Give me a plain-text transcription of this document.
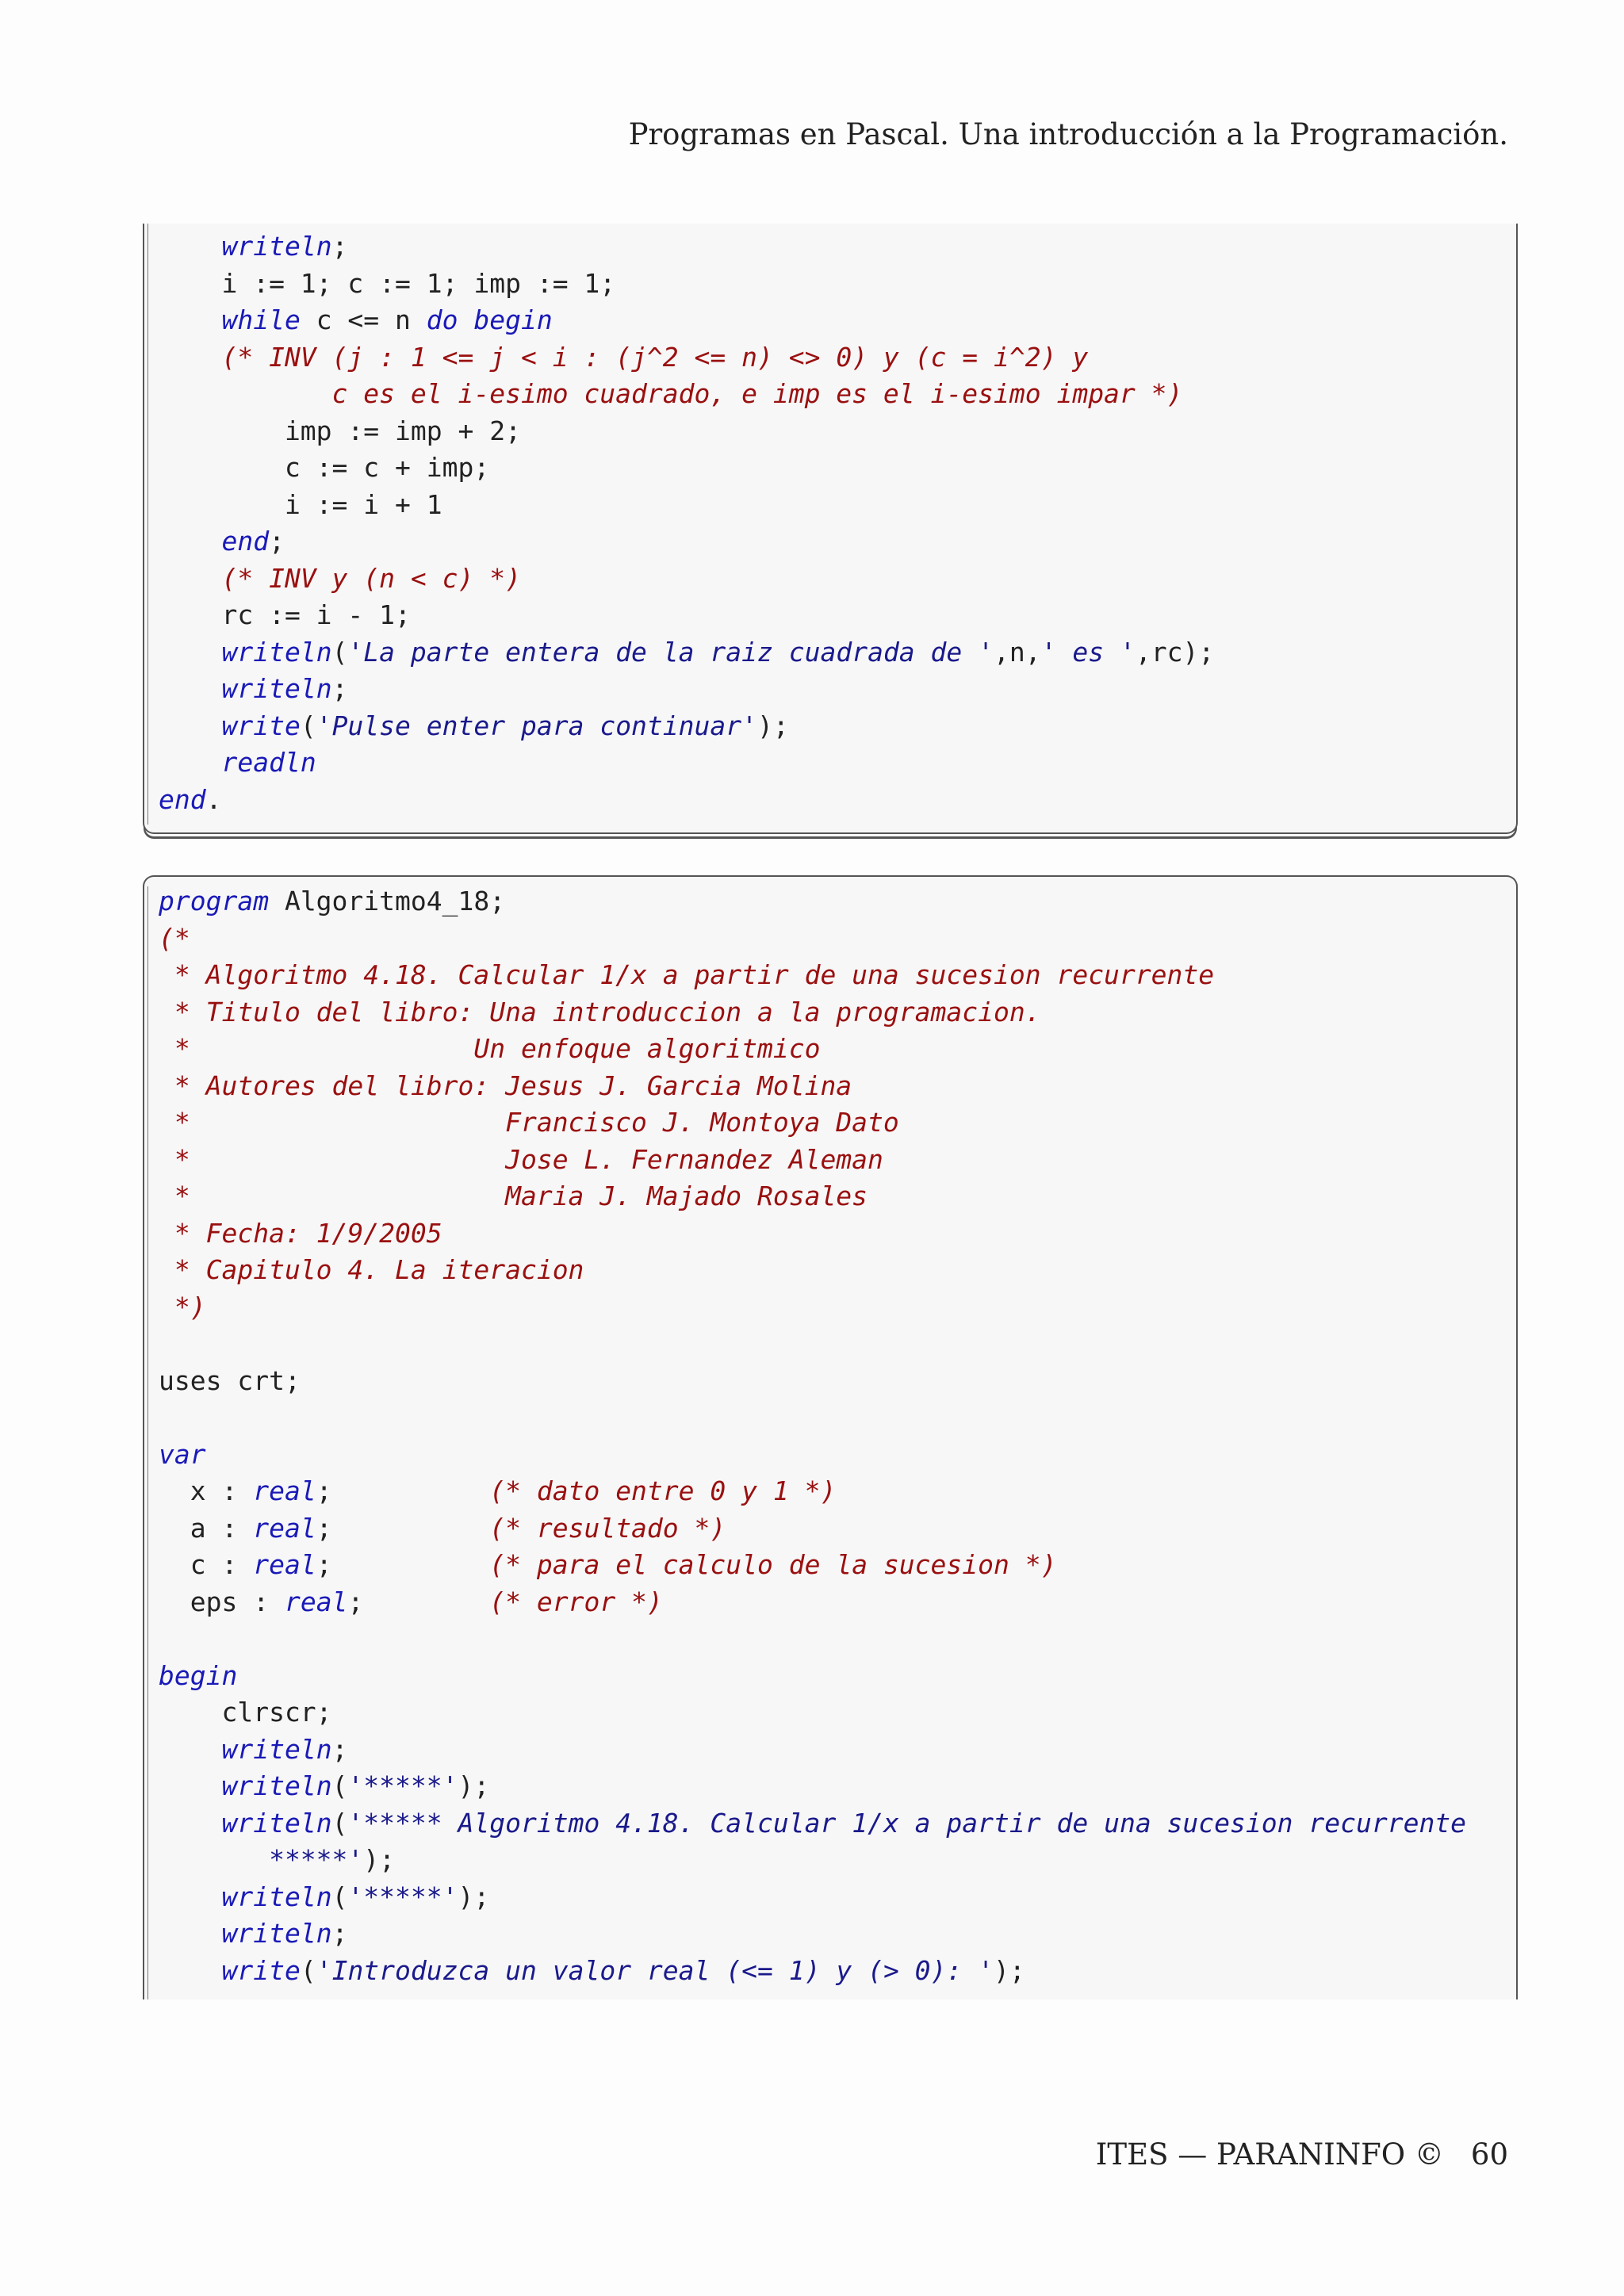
Programas en Pascal. Una introducción a la Programación.
writeln;
i := 1; c := 1; imp := 1;
while c <= n do begin
(* INV (j : 1 <= j < i : (j^2 <= n) <> 0) y (c = i^2) y
c es el i-esimo cuadrado, e imp es el i-esimo impar *)
imp := imp + 2;
c := c + imp;
i := i + 1
end;
(* INV y (n < c) *)
rc := i - 1;
writeln('La parte entera de la raiz cuadrada de ',n,' es ',rc);
writeln;
write('Pulse enter para continuar');
readln
end.
program Algoritmo4_18;
(*
* Algoritmo 4.18. Calcular 1/x a partir de una sucesion recurrente
* Titulo del libro: Una introduccion a la programacion.
*                  Un enfoque algoritmico
* Autores del libro: Jesus J. Garcia Molina
*                    Francisco J. Montoya Dato
*                    Jose L. Fernandez Aleman
*                    Maria J. Majado Rosales
* Fecha: 1/9/2005
* Capitulo 4. La iteracion
*)
uses crt;
var
x : real;          (* dato entre 0 y 1 *)
a : real;          (* resultado *)
c : real;          (* para el calculo de la sucesion *)
eps : real;        (* error *)
begin
clrscr;
writeln;
writeln('*****');
writeln('***** Algoritmo 4.18. Calcular 1/x a partir de una sucesion recurrente
*****');
writeln('*****');
writeln;
write('Introduzca un valor real (<= 1) y (> 0): ');
ITES — PARANINFO © 60
